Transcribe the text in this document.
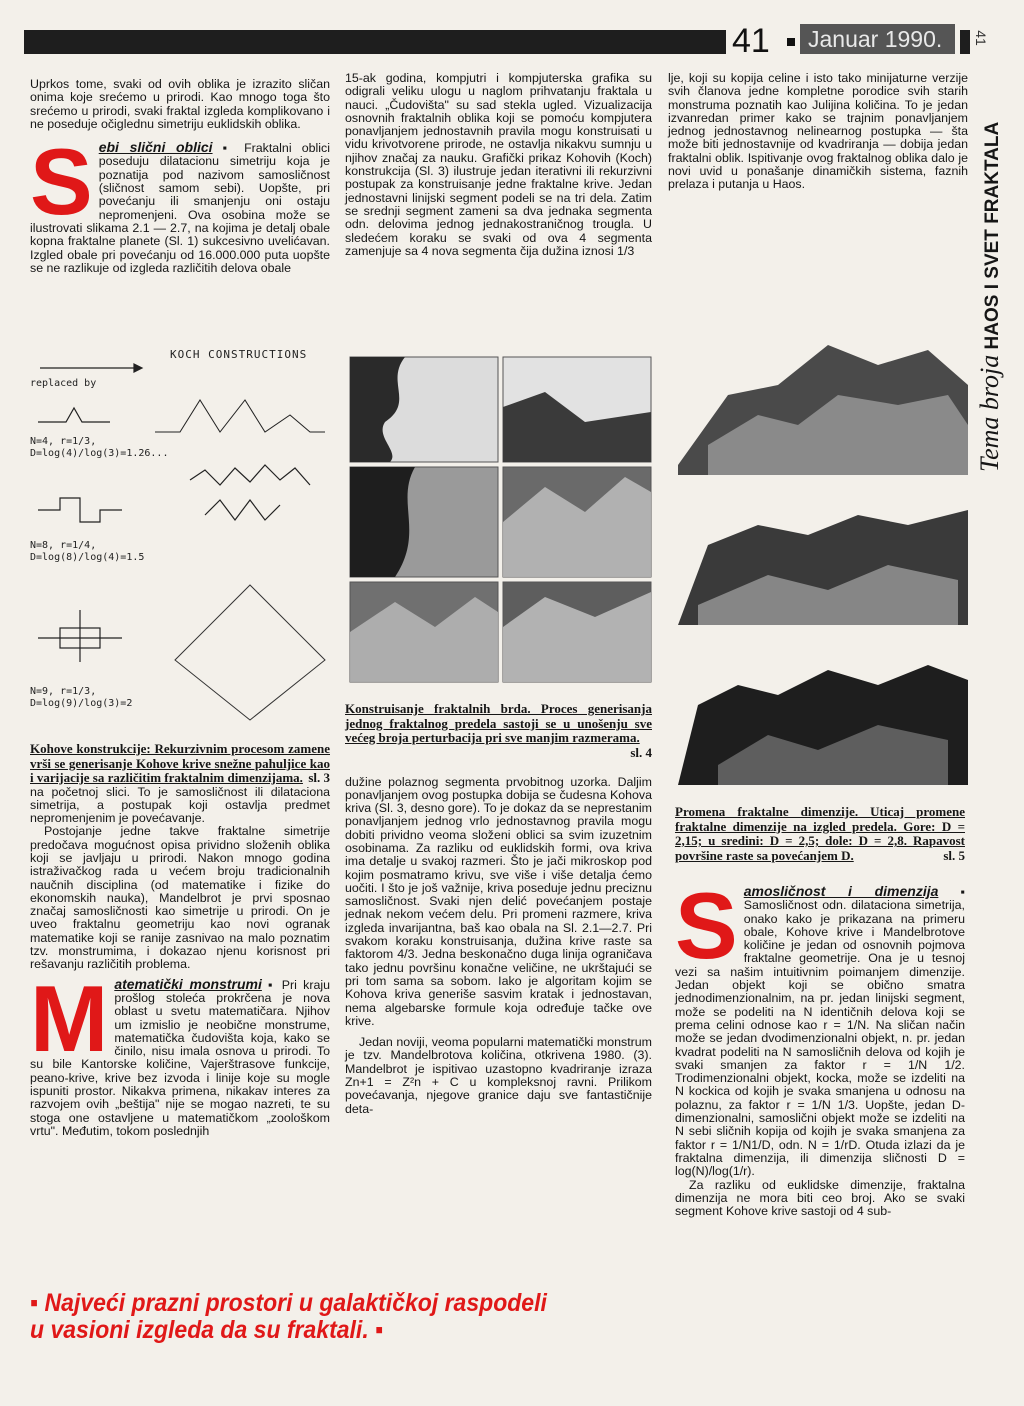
41	Januar 1990.	41
Tema broja HAOS I SVET FRAKTALA

Uprkos tome, svaki od ovih oblika je izrazito sličan onima koje srećemo u prirodi. Kao mnogo toga što srećemo u prirodi, svaki fraktal izgleda komplikovano i ne poseduje očiglednu simetriju euklidskih oblika.

S ebi slični oblici ▪ Fraktalni oblici poseduju dilatacionu simetriju koja je poznatija pod nazivom samosličnost (sličnost samom sebi). Uopšte, pri povećanju ili smanjenju oni ostaju nepromenjeni. Ova osobina može se ilustrovati slikama 2.1 — 2.7, na kojima je detalj obale kopna fraktalne planete (Sl. 1) sukcesivno uvelićavan. Izgled obale pri povećanju od 16.000.000 puta uopšte se ne razlikuje od izgleda različitih delova obale

KOCH CONSTRUCTIONS
replaced by
N=4, r=1/3,
D=log(4)/log(3)=1.26...
N=8, r=1/4,
D=log(8)/log(4)=1.5
N=9, r=1/3,
D=log(9)/log(3)=2
Kohove konstrukcije: Rekurzivnim procesom zamene vrši se generisanje Kohove krive snežne pahuljice kao i varijacije sa različitim fraktalnim dimenzijama. sl. 3

na početnoj slici. To je samosličnost ili dilataciona simetrija, a postupak koji ostavlja predmet nepromenjenim je povećavanje.

Postojanje jedne takve fraktalne simetrije predočava mogućnost opisa prividno složenih oblika koji se javljaju u prirodi. Nakon mnogo godina istraživačkog rada u većem broju tradicionalnih naučnih disciplina (od matematike i fizike do ekonomskih nauka), Mandelbrot je prvi sposnao značaj samosličnosti kao simetrije u prirodi. On je uveo fraktalnu geometriju kao novi ogranak matematike koji se ranije zasnivao na malo poznatim tzv. monstrumima, i dokazao njenu korisnost pri rešavanju različitih problema.

M atematički monstrumi ▪ Pri kraju prošlog stoleća prokrčena je nova oblast u svetu matematičara. Njihov um izmislio je neobične monstrume, matematička čudovišta koja, kako se činilo, nisu imala osnova u prirodi. To su bile Kantorske količine, Vajerštrasove funkcije, peano-krive, krive bez izvoda i linije koje su mogle ispuniti prostor. Nikakva primena, nikakav interes za razvojem ovih „beštija" nije se mogao nazreti, te su stoga one ostavljene u matematičkom „zoološkom vrtu". Međutim, tokom poslednjih

15-ak godina, kompjutri i kompjuterska grafika su odigrali veliku ulogu u naglom prihvatanju fraktala u nauci. „Čudovišta" su sad stekla ugled. Vizualizacija osnovnih fraktalnih oblika koji se pomoću kompjutera ponavljanjem jednostavnih pravila mogu konstruisati u vidu krivotvorene prirode, ne ostavlja nikakvu sumnju u njihov značaj za nauku. Grafički prikaz Kohovih (Koch) konstrukcija (Sl. 3) ilustruje jedan iterativni ili rekurzivni postupak za konstruisanje jedne fraktalne krive. Jedan jednostavni linijski segment podeli se na tri dela. Zatim se srednji segment zameni sa dva jednaka segmenta odn. delovima jednog jednakostraničnog trougla. U sledećem koraku se svaki od ova 4 segmenta zamenjuje sa 4 nova segmenta čija dužina iznosi 1/3

Konstruisanje fraktalnih brda. Proces generisanja jednog fraktalnog predela sastoji se u unošenju sve većeg broja perturbacija pri sve manjim razmerama.
sl. 4

dužine polaznog segmenta prvobitnog uzorka. Daljim ponavljanjem ovog postupka dobija se čudesna Kohova kriva (Sl. 3, desno gore). To je dokaz da se neprestanim ponavljanjem jednog vrlo jednostavnog pravila mogu dobiti prividno veoma složeni oblici sa svim izuzetnim osobinama. Za razliku od euklidskih formi, ova kriva ima detalje u svakoj razmeri. Što je jači mikroskop pod kojim posmatramo krivu, sve više i više detalja ćemo uočiti. I što je još važnije, kriva poseduje jednu preciznu samosličnost. Svaki njen delić povećanjem postaje jednak nekom većem delu. Pri promeni razmere, kriva izgleda invarijantna, baš kao obala na Sl. 2.1—2.7. Pri svakom koraku konstruisanja, dužina krive raste sa faktorom 4/3. Jedna beskonačno duga linija ograničava tako jednu površinu konačne veličine, ne ukrštajući se pri tom sama sa sobom. Iako je algoritam kojim se Kohova kriva generiše sasvim kratak i jednostavan, nema algebarske formule koja određuje tačke ove krive.

Jedan noviji, veoma popularni matematički monstrum je tzv. Mandelbrotova količina, otkrivena 1980. (3). Mandelbrot je ispitivao uzastopno kvadriranje izraza Zn+1 = Z²n + C u kompleksnoj ravni. Prilikom povećavanja, njegove granice daju sve fantastičnije deta-

lje, koji su kopija celine i isto tako minijaturne verzije svih članova jedne kompletne porodice svih starih monstruma poznatih kao Julijina količina. To je jedan izvanredan primer kako se trajnim ponavljanjem jednog jednostavnog nelinearnog postupka — šta može biti jednostavnije od kvadriranja — dobija jedan fraktalni oblik. Ispitivanje ovog fraktalnog oblika dalo je novi uvid u ponašanje dinamičkih sistema, faznih prelaza i putanja u Haos.

Promena fraktalne dimenzije. Uticaj promene fraktalne dimenzije na izgled predela. Gore: D = 2,15; u sredini: D = 2,5; dole: D = 2,8. Rapavost površine raste sa povećanjem D.	sl. 5
S amosličnost i dimenzija ▪ Samosličnost odn. dilataciona simetrija, onako kako je prikazana na primeru obale, Kohove krive i Mandelbrotove količine je jedan od osnovnih pojmova fraktalne geometrije. Ona je u tesnoj vezi sa našim intuitivnim poimanjem dimenzije. Jedan objekt koji se obično smatra jednodimenzionalnim, na pr. jedan linijski segment, može se podeliti na N identičnih delova koji se prema celini odnose kao r = 1/N. Na sličan način može se jedan dvodimenzionalni objekt, n. pr. jedan kvadrat podeliti na N samosličnih delova od kojih je svaki smanjen za faktor r = 1/N 1/2. Trodimenzionalni objekt, kocka, može se izdeliti na N kockica od kojih je svaka smanjena u odnosu na polaznu, za faktor r = 1/N 1/3. Uopšte, jedan D-dimenzionalni, samoslični objekt može se izdeliti na N sebi sličnih kopija od kojih je svaka smanjena za faktor r = 1/N1/D, odn. N = 1/rD. Otuda izlazi da je fraktalna dimenzija, ili dimenzija sličnosti D = log(N)/log(1/r).

Za razliku od euklidske dimenzije, fraktalna dimenzija ne mora biti ceo broj. Ako se svaki segment Kohove krive sastoji od 4 sub-

▪ Najveći prazni prostori u galaktičkoj raspodeli u vasioni izgleda da su fraktali. ▪
